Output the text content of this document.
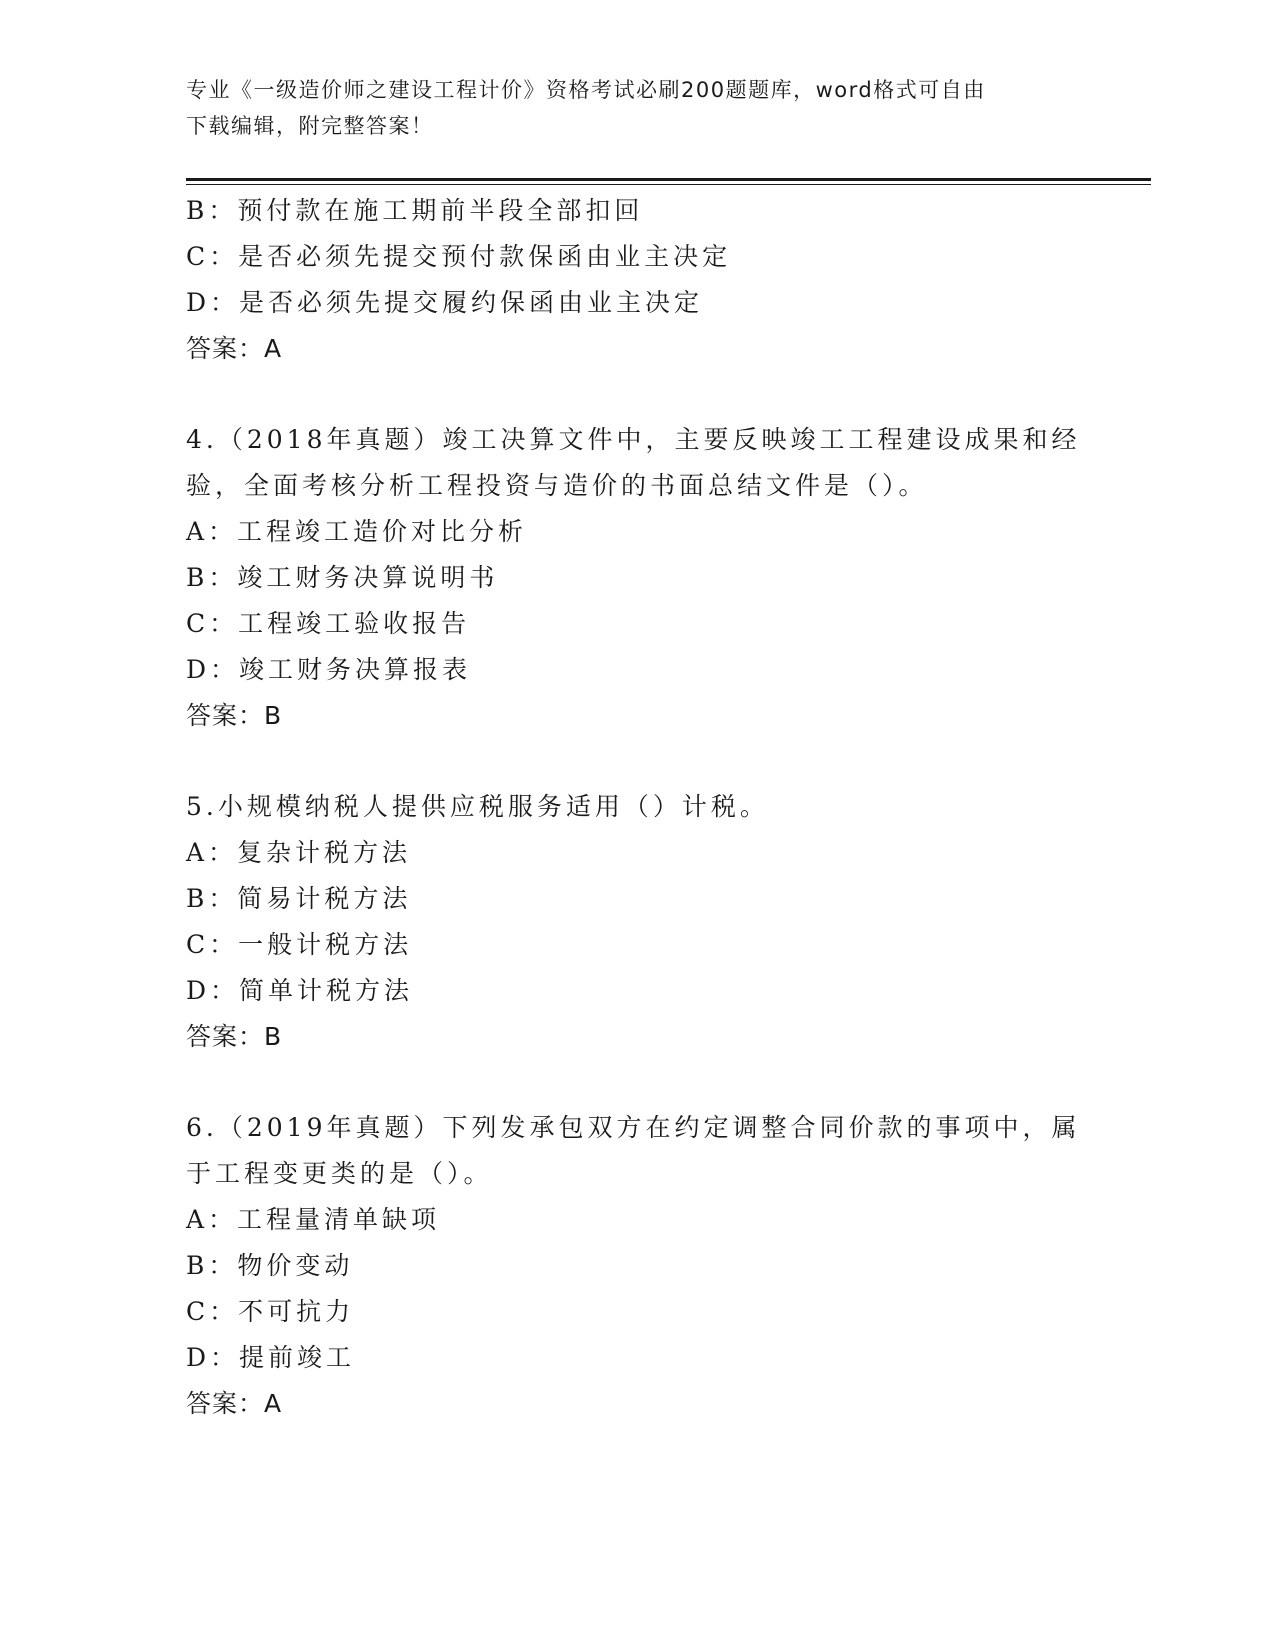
专业《一级造价师之建设工程计价》资格考试必刷200题题库，word格式可自由
下载编辑，附完整答案！
B：预付款在施工期前半段全部扣回
C：是否必须先提交预付款保函由业主决定
D：是否必须先提交履约保函由业主决定
答案：A
4.（2018年真题）竣工决算文件中，主要反映竣工工程建设成果和经
验，全面考核分析工程投资与造价的书面总结文件是（）。
A：工程竣工造价对比分析
B：竣工财务决算说明书
C：工程竣工验收报告
D：竣工财务决算报表
答案：B
5.小规模纳税人提供应税服务适用（）计税。
A：复杂计税方法
B：简易计税方法
C：一般计税方法
D：简单计税方法
答案：B
6.（2019年真题）下列发承包双方在约定调整合同价款的事项中，属
于工程变更类的是（）。
A：工程量清单缺项
B：物价变动
C：不可抗力
D：提前竣工
答案：A
